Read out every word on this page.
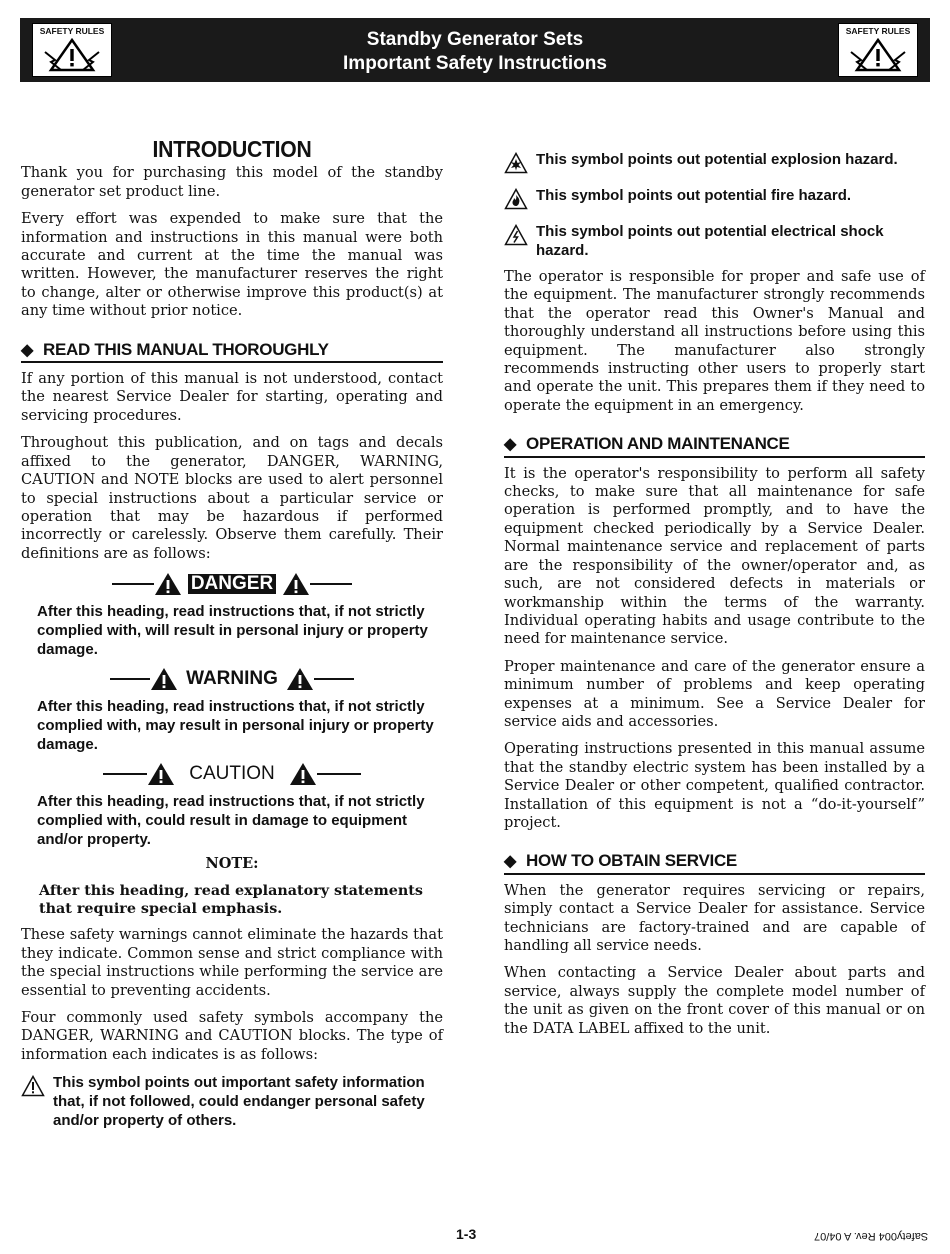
SAFETY RULES	Standby Generator Sets
Important Safety Instructions
SAFETY RULES
INTRODUCTION

Thank you for purchasing this model of the standby generator set product line.

Every effort was expended to make sure that the information and instructions in this manual were both accurate and current at the time the manual was written. However, the manufacturer reserves the right to change, alter or otherwise improve this product(s) at any time without prior notice.

◆ READ THIS MANUAL THOROUGHLY

If any portion of this manual is not understood, contact the nearest Service Dealer for starting, operating and servicing procedures.

Throughout this publication, and on tags and decals affixed to the generator, DANGER, WARNING, CAUTION and NOTE blocks are used to alert personnel to special instructions about a particular service or operation that may be hazardous if performed incorrectly or carelessly. Observe them carefully. Their definitions are as follows:

DANGER
After this heading, read instructions that, if not strictly complied with, will result in personal injury or property damage.
WARNING
After this heading, read instructions that, if not strictly complied with, may result in personal injury or property damage.
CAUTION
After this heading, read instructions that, if not strictly complied with, could result in damage to equipment and/or property.
NOTE:
After this heading, read explanatory statements that require special emphasis.

These safety warnings cannot eliminate the hazards that they indicate. Common sense and strict compliance with the special instructions while performing the service are essential to preventing accidents.

Four commonly used safety symbols accompany the DANGER, WARNING and CAUTION blocks. The type of information each indicates is as follows:

This symbol points out important safety information that, if not followed, could endanger personal safety and/or property of others.
This symbol points out potential explosion hazard.
This symbol points out potential fire hazard.
This symbol points out potential electrical shock hazard.

The operator is responsible for proper and safe use of the equipment. The manufacturer strongly recommends that the operator read this Owner's Manual and thoroughly understand all instructions before using this equipment. The manufacturer also strongly recommends instructing other users to properly start and operate the unit. This prepares them if they need to operate the equipment in an emergency.

◆ OPERATION AND MAINTENANCE

It is the operator's responsibility to perform all safety checks, to make sure that all maintenance for safe operation is performed promptly, and to have the equipment checked periodically by a Service Dealer. Normal maintenance service and replacement of parts are the responsibility of the owner/operator and, as such, are not considered defects in materials or workmanship within the terms of the warranty. Individual operating habits and usage contribute to the need for maintenance service.

Proper maintenance and care of the generator ensure a minimum number of problems and keep operating expenses at a minimum. See a Service Dealer for service aids and accessories.

Operating instructions presented in this manual assume that the standby electric system has been installed by a Service Dealer or other competent, qualified contractor. Installation of this equipment is not a “do-it-yourself” project.

◆ HOW TO OBTAIN SERVICE

When the generator requires servicing or repairs, simply contact a Service Dealer for assistance. Service technicians are factory-trained and are capable of handling all service needs.

When contacting a Service Dealer about parts and service, always supply the complete model number of the unit as given on the front cover of this manual or on the DATA LABEL affixed to the unit.

1-3	Safety004 Rev. A 04/07
